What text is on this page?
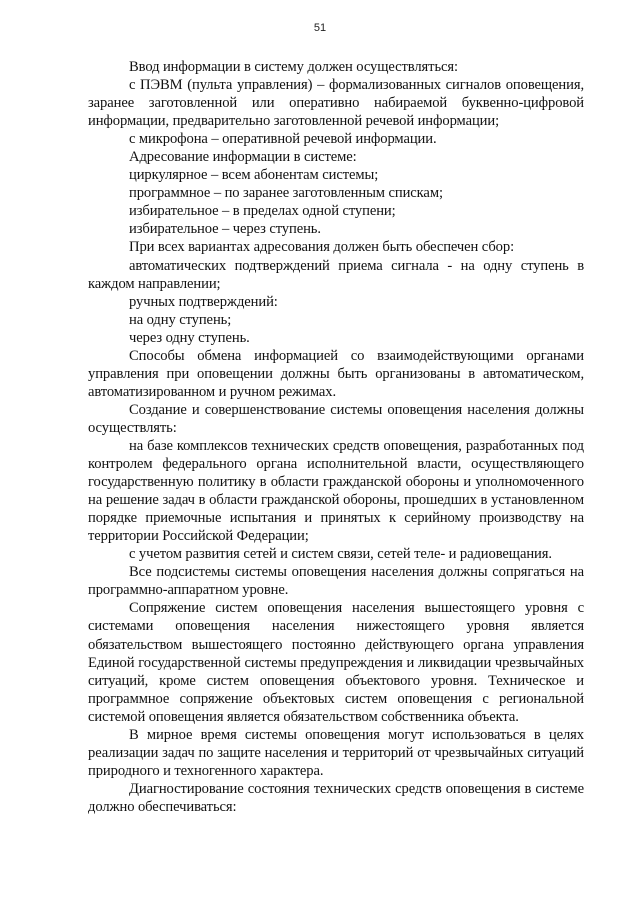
51

Ввод информации в систему должен осуществляться:

с ПЭВМ (пульта управления) – формализованных сигналов оповещения, заранее заготовленной или оперативно набираемой буквенно-цифровой информации, предварительно заготовленной речевой информации;

с микрофона – оперативной речевой информации.

Адресование информации в системе:

циркулярное – всем абонентам системы;

программное – по заранее заготовленным спискам;

избирательное – в пределах одной ступени;

избирательное – через ступень.

При всех вариантах адресования должен быть обеспечен сбор:

автоматических подтверждений приема сигнала - на одну ступень в каждом направлении;

ручных подтверждений:

на одну ступень;

через одну ступень.

Способы обмена информацией со взаимодействующими органами управления при оповещении должны быть организованы в автоматическом, автоматизированном и ручном режимах.

Создание и совершенствование системы оповещения населения должны осуществлять:

на базе комплексов технических средств оповещения, разработанных под контролем федерального органа исполнительной власти, осуществляющего государственную политику в области гражданской обороны и уполномоченного на решение задач в области гражданской обороны, прошедших в установленном порядке приемочные испытания и принятых к серийному производству на территории Российской Федерации;

с учетом развития сетей и систем связи, сетей теле- и радиовещания.

Все подсистемы системы оповещения населения должны сопрягаться на программно-аппаратном уровне.

Сопряжение систем оповещения населения вышестоящего уровня с системами оповещения населения нижестоящего уровня является обязательством вышестоящего постоянно действующего органа управления Единой государственной системы предупреждения и ликвидации чрезвычайных ситуаций, кроме систем оповещения объектового уровня. Техническое и программное сопряжение объектовых систем оповещения с региональной системой оповещения является обязательством собственника объекта.

В мирное время системы оповещения могут использоваться в целях реализации задач по защите населения и территорий от чрезвычайных ситуаций природного и техногенного характера.

Диагностирование состояния технических средств оповещения в системе должно обеспечиваться:
